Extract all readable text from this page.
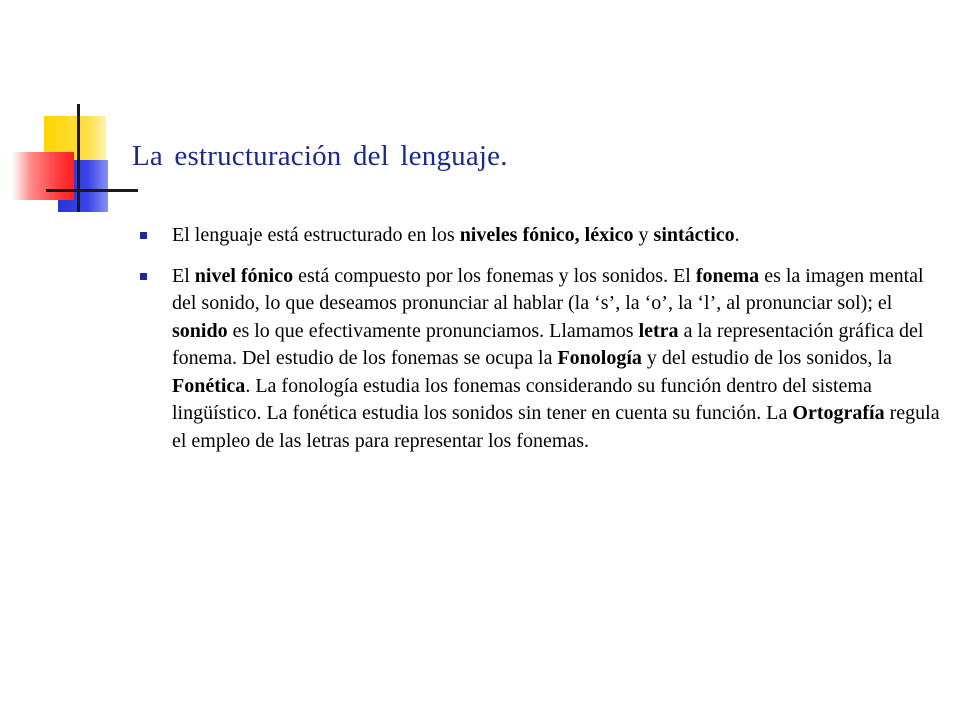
La estructuración del lenguaje.
El lenguaje está estructurado en los niveles fónico, léxico y sintáctico.
El nivel fónico está compuesto por los fonemas y los sonidos. El fonema es la imagen mental del sonido, lo que deseamos pronunciar al hablar (la ‘s’, la ‘o’, la ‘l’, al pronunciar sol); el sonido es lo que efectivamente pronunciamos. Llamamos letra a la representación gráfica del fonema. Del estudio de los fonemas se ocupa la Fonología y del estudio de los sonidos, la Fonética. La fonología estudia los fonemas considerando su función dentro del sistema lingüístico. La fonética estudia los sonidos sin tener en cuenta su función. La Ortografía regula el empleo de las letras para representar los fonemas.
